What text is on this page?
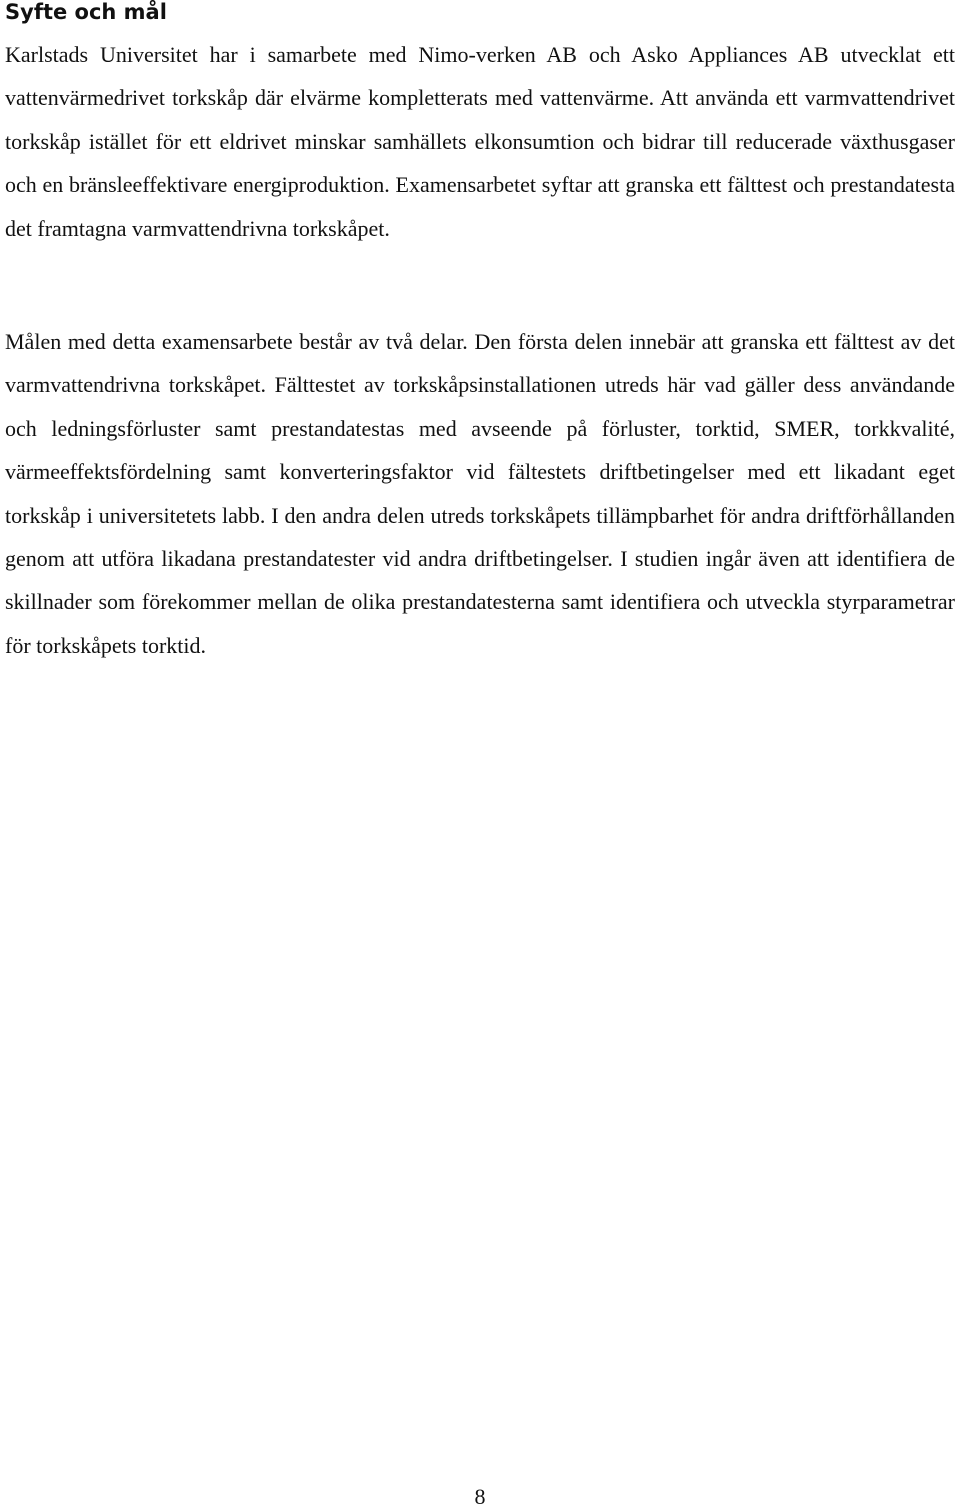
Syfte och mål

Karlstads Universitet har i samarbete med Nimo-verken AB och Asko Appliances AB utvecklat ett vattenvärmedrivet torkskåp där elvärme kompletterats med vattenvärme. Att använda ett varmvattendrivet torkskåp istället för ett eldrivet minskar samhällets elkonsumtion och bidrar till reducerade växthusgaser och en bränsleeffektivare energiproduktion. Examensarbetet syftar att granska ett fälttest och prestandatesta det framtagna varmvattendrivna torkskåpet.

Målen med detta examensarbete består av två delar. Den första delen innebär att granska ett fälttest av det varmvattendrivna torkskåpet. Fälttestet av torkskåpsinstallationen utreds här vad gäller dess användande och ledningsförluster samt prestandatestas med avseende på förluster, torktid, SMER, torkkvalité, värmeeffektsfördelning samt konverteringsfaktor vid fältestets driftbetingelser med ett likadant eget torkskåp i universitetets labb. I den andra delen utreds torkskåpets tillämpbarhet för andra driftförhållanden genom att utföra likadana prestandatester vid andra driftbetingelser. I studien ingår även att identifiera de skillnader som förekommer mellan de olika prestandatesterna samt identifiera och utveckla styrparametrar för torkskåpets torktid.

8
